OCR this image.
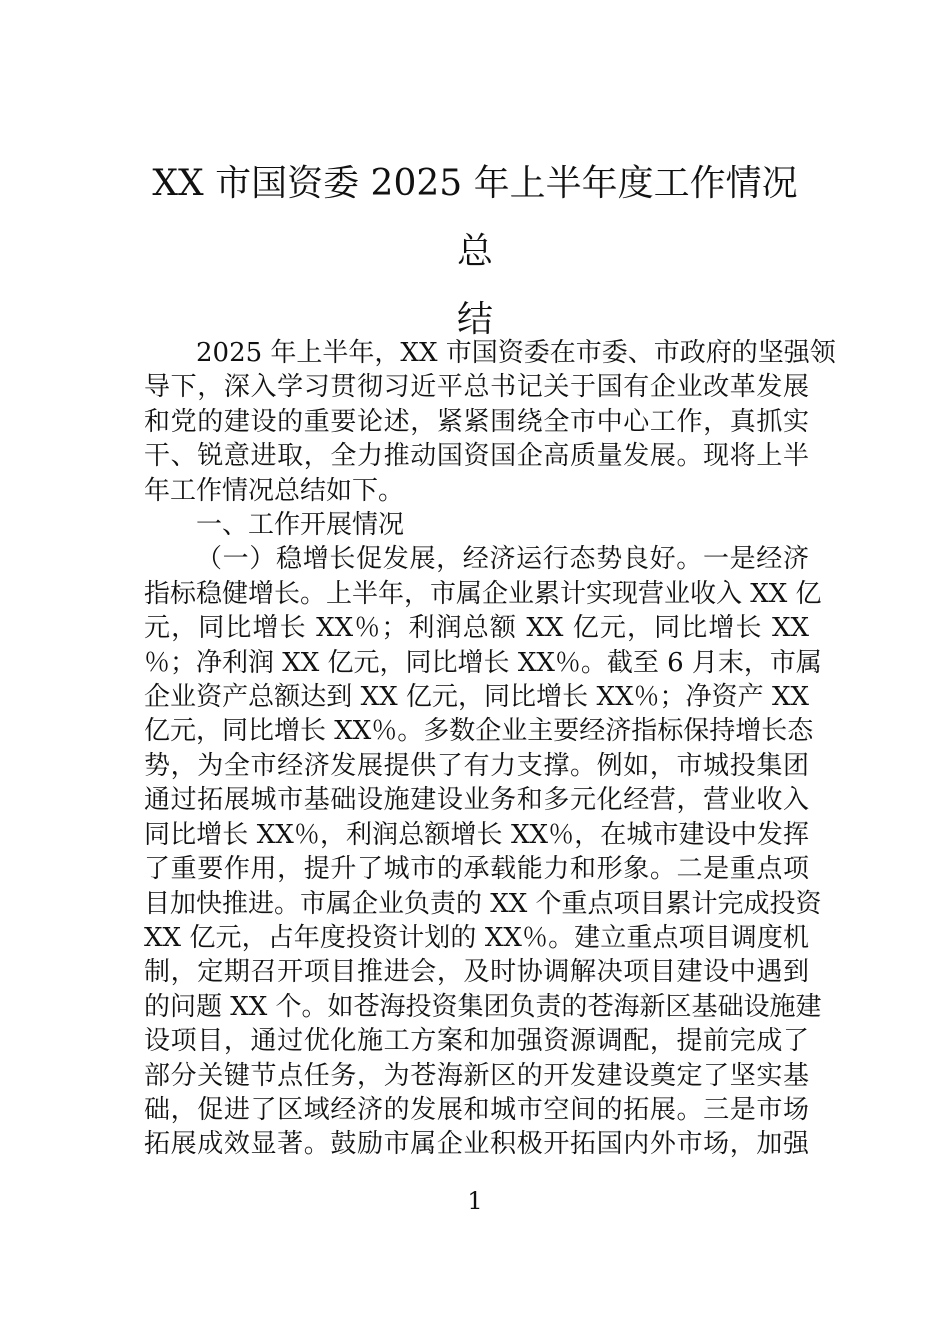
XX 市国资委 2025 年上半年度工作情况总
结
2025 年上半年，XX 市国资委在市委、市政府的坚强领
导下，深入学习贯彻习近平总书记关于国有企业改革发展
和党的建设的重要论述，紧紧围绕全市中心工作，真抓实
干、锐意进取，全力推动国资国企高质量发展。现将上半
年工作情况总结如下。
一、工作开展情况
（一）稳增长促发展，经济运行态势良好。一是经济
指标稳健增长。上半年，市属企业累计实现营业收入 XX 亿
元，同比增长 XX％；利润总额 XX 亿元，同比增长 XX
％；净利润 XX 亿元，同比增长 XX％。截至 6 月末，市属
企业资产总额达到 XX 亿元，同比增长 XX％；净资产 XX
亿元，同比增长 XX％。多数企业主要经济指标保持增长态
势，为全市经济发展提供了有力支撑。例如，市城投集团
通过拓展城市基础设施建设业务和多元化经营，营业收入
同比增长 XX％，利润总额增长 XX％，在城市建设中发挥
了重要作用，提升了城市的承载能力和形象。二是重点项
目加快推进。市属企业负责的 XX 个重点项目累计完成投资
XX 亿元，占年度投资计划的 XX％。建立重点项目调度机
制，定期召开项目推进会，及时协调解决项目建设中遇到
的问题 XX 个。如苍海投资集团负责的苍海新区基础设施建
设项目，通过优化施工方案和加强资源调配，提前完成了
部分关键节点任务，为苍海新区的开发建设奠定了坚实基
础，促进了区域经济的发展和城市空间的拓展。三是市场
拓展成效显著。鼓励市属企业积极开拓国内外市场，加强
1
